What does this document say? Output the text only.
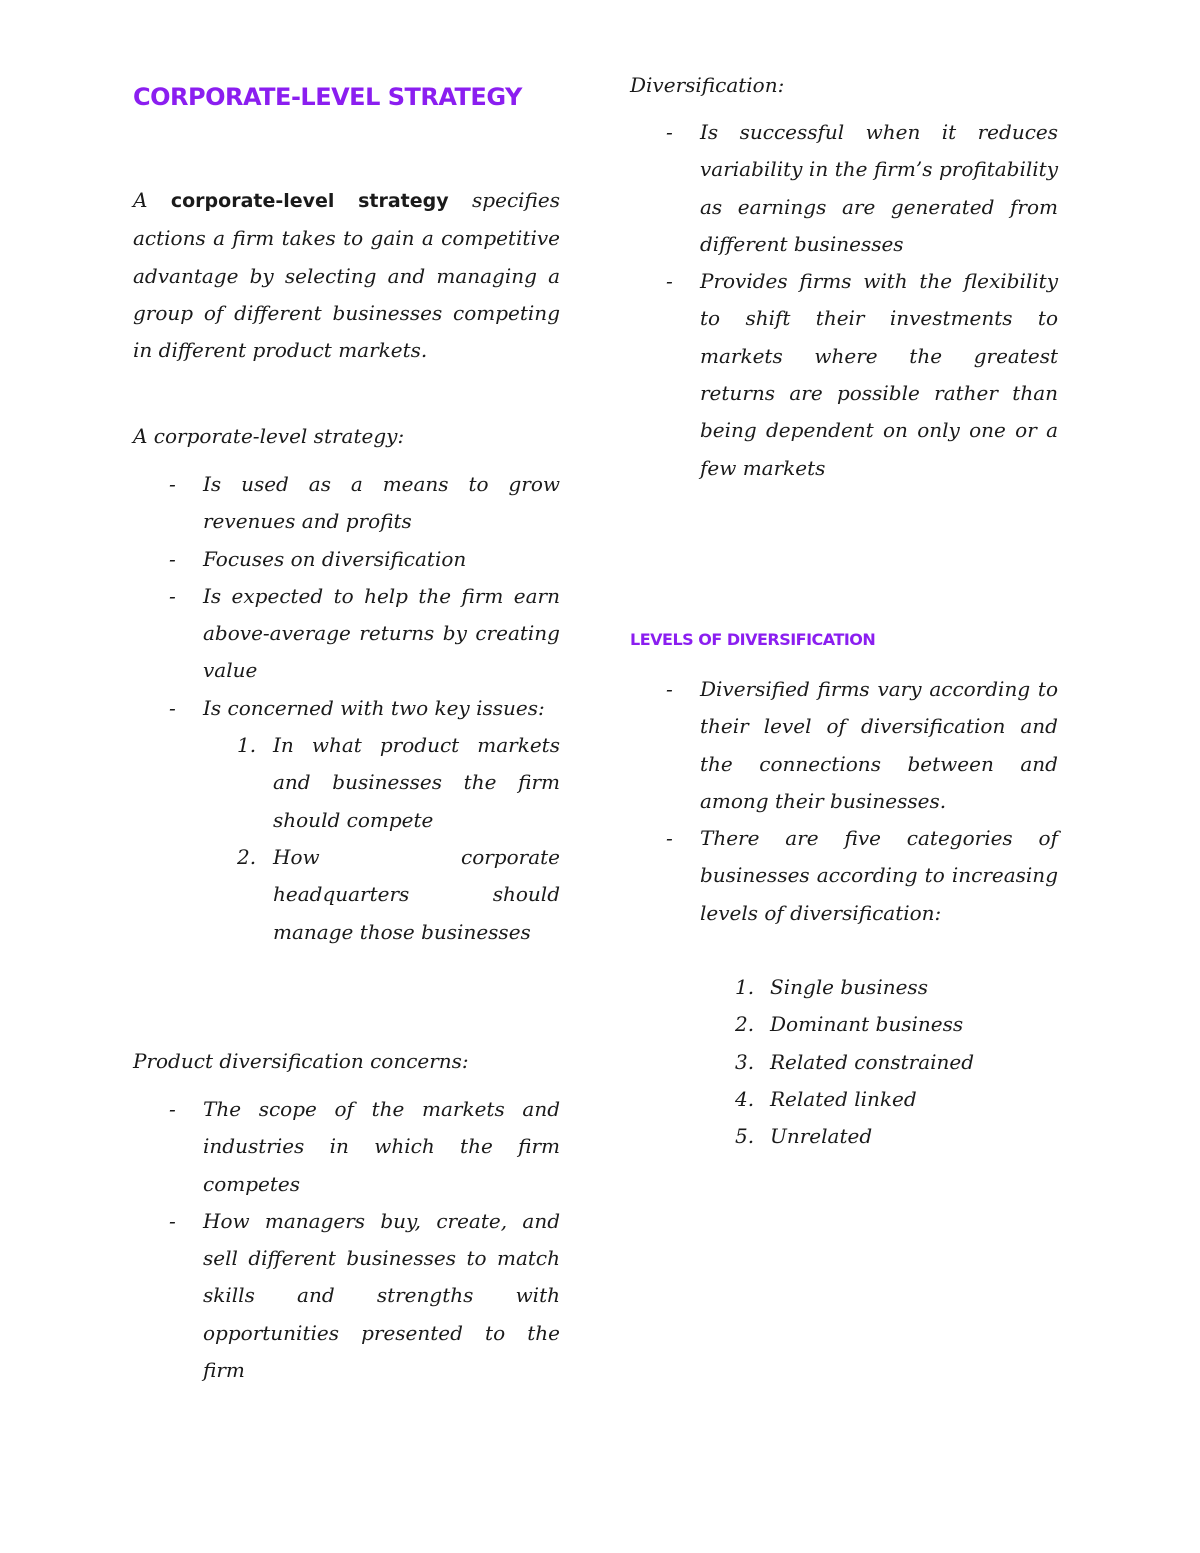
CORPORATE-LEVEL STRATEGY

A corporate-level strategy specifies actions a firm takes to gain a competitive advantage by selecting and managing a group of different businesses competing in different product markets.

A corporate-level strategy:
- Is used as a means to grow revenues and profits
- Focuses on diversification
- Is expected to help the firm earn above-average returns by creating value
- Is concerned with two key issues:
1. In what product markets and businesses the firm should compete
2. How corporate headquarters should manage those businesses
Product diversification concerns:
- The scope of the markets and industries in which the firm competes
- How managers buy, create, and sell different businesses to match skills and strengths with opportunities presented to the firm
Diversification:
- Is successful when it reduces variability in the firm’s profitability as earnings are generated from different businesses
- Provides firms with the flexibility to shift their investments to markets where the greatest returns are possible rather than being dependent on only one or a few markets
LEVELS OF DIVERSIFICATION
- Diversified firms vary according to their level of diversification and the connections between and among their businesses.
- There are five categories of businesses according to increasing levels of diversification:
1. Single business
2. Dominant business
3. Related constrained
4. Related linked
5. Unrelated
